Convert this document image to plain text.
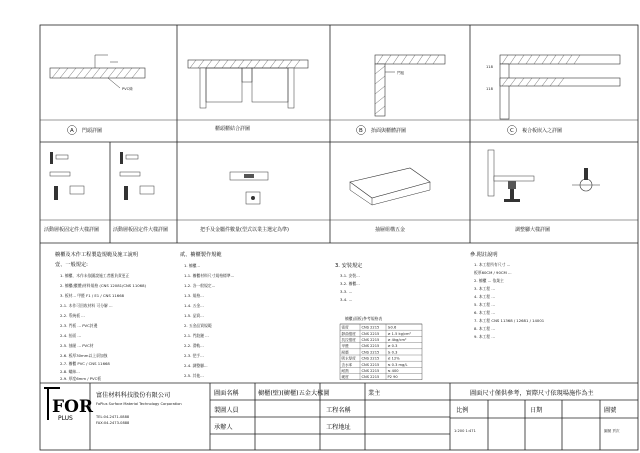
PVC條
A 門頭詳圖	櫃頭櫃結合詳圖
門板
B 抬面與櫃體詳圖
118
118
C 複合板嵌入之詳圖
活動層板固定件大樣詳圖	活動層板固定件大樣詳圖	把手及金屬件數量(型式以業主選定為準)	抽屜組構五金	調整腳大樣詳圖
櫥櫃及木作工程製造規範及施工說明
壹、一般規定:
1. 櫥櫃、木作未依圖說施工者應負責更正
2. 櫥櫃(櫃體)材料規格 (CNS 12081/CNS 11068)
3. 板材... 甲醛 F1 / E1 / CNS 11668
2-1. 木作可回收材料 可分解 ...
2-2. 系統板 ...
2-3. 門板 ... PVC封邊
2-4. 抬面 ...
2-5. 抽屜 ... PVC材
2-6. 板厚30mm以上須加強
2-7. 櫥櫃 PVC / CNS 11668
2-8. 螺絲...
2-9. 厚度6mm / PVC板
貳、櫥櫃製作規範
1. 櫥櫃...
1-1. 櫥櫃材料尺寸規格標準...
1-2. 各一般規定...
1-3. 規格...
1-4. 五金...
1-5. 品質...
2. 五金品質規範
2-1. 門鉸鏈 ...
2-2. 滑軌...
2-3. 把手...
2-4. 調整腳...
2-5. 其他...
3. 安裝規定
3-1. 安裝...
3-2. 櫥櫃...
3-3. ...
3-4. ...
櫥櫃(面板)參考規格表
密度	CNS 2215 ≥0.6
靜曲強度 CNS 2215 ≥ 1.5 kg/cm²
抗拉強度 CNS 2215 ≥ 4kg/cm²
甲醛	CNS 2215 ≥ 0.3
耐磨	CNS 2215 ≥ 0.3
吸水厚度 CNS 2215 ≤ 12%
含水率	CNS 2215 ≤ 0.3 mg/L
耐熱	CNS 2215 ≤ 400
硬度	CNS 2215 P2 90
參.附註說明
1. 本工程所有尺寸 ...
板厚60CM / 90CM ...
2. 櫥櫃 ... 依業主
3. 本工程 ...
4. 本工程 ...
5. 本工程 ...
6. 本工程 ...
7. 本工程 CNS 11368 / 12681 / 14001
8. 本工程 ...
9. 本工程 ...
FOR
PLUS
富佳材料科技股份有限公司
FoPlus Surface Material Technology Corporation
TEL:04-2471-0888
FAX:04-2473-0888
圖面名稱	櫥櫃(壁)(櫥櫃)五金大樣圖	業主
製圖人員	工程名稱
承辦人	工程地址
圖面尺寸僅供參考，實際尺寸依現場施作為主
比例	日期	圖號
1:200 1:471	圖號 頁次
